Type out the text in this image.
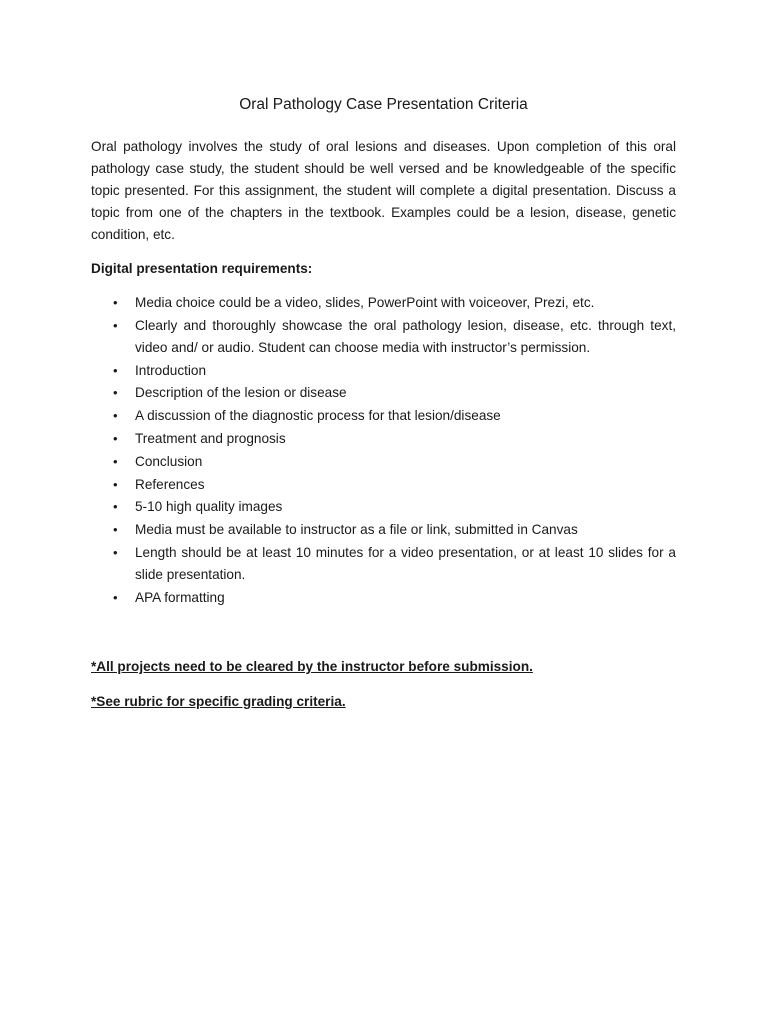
Oral Pathology Case Presentation Criteria

Oral pathology involves the study of oral lesions and diseases. Upon completion of this oral pathology case study, the student should be well versed and be knowledgeable of the specific topic presented. For this assignment, the student will complete a digital presentation. Discuss a topic from one of the chapters in the textbook. Examples could be a lesion, disease, genetic condition, etc.

Digital presentation requirements:

• Media choice could be a video, slides, PowerPoint with voiceover, Prezi, etc.
• Clearly and thoroughly showcase the oral pathology lesion, disease, etc. through text, video and/ or audio. Student can choose media with instructor’s permission.
• Introduction
• Description of the lesion or disease
• A discussion of the diagnostic process for that lesion/disease
• Treatment and prognosis
• Conclusion
• References
• 5-10 high quality images
• Media must be available to instructor as a file or link, submitted in Canvas
• Length should be at least 10 minutes for a video presentation, or at least 10 slides for a slide presentation.
• APA formatting

*All projects need to be cleared by the instructor before submission.

*See rubric for specific grading criteria.
